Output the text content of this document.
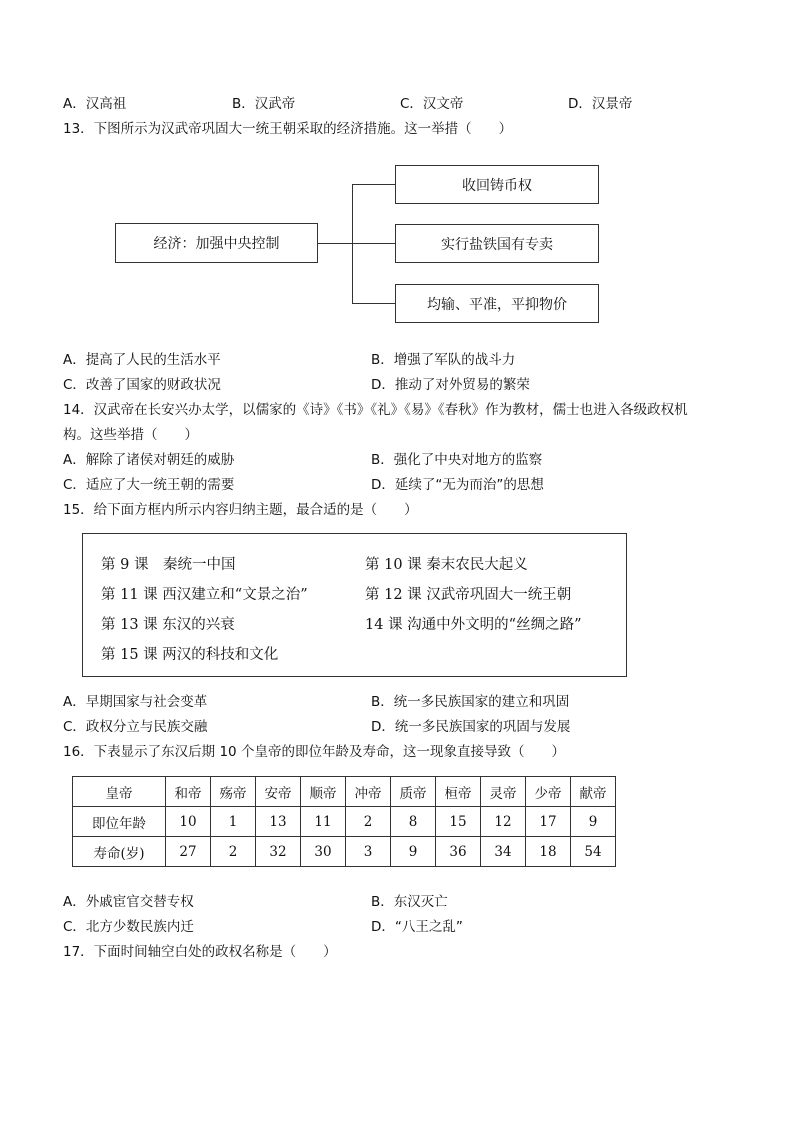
A．汉高祖	B．汉武帝	C．汉文帝	D．汉景帝
13．下图所示为汉武帝巩固大一统王朝采取的经济措施。这一举措（　　）
经济：加强中央控制
收回铸币权
实行盐铁国有专卖
均输、平准，平抑物价
A．提高了人民的生活水平	B．增强了军队的战斗力
C．改善了国家的财政状况	D．推动了对外贸易的繁荣
14．汉武帝在长安兴办太学，以儒家的《诗》《书》《礼》《易》《春秋》作为教材，儒士也进入各级政权机
构。这些举措（　　）
A．解除了诸侯对朝廷的威胁	B．强化了中央对地方的监察
C．适应了大一统王朝的需要	D．延续了“无为而治”的思想
15．给下面方框内所示内容归纳主题，最合适的是（　　）
第 9 课　秦统一中国	第 10 课 秦末农民大起义
第 11 课 西汉建立和“文景之治”	第 12 课 汉武帝巩固大一统王朝
第 13 课 东汉的兴衰	14 课 沟通中外文明的“丝绸之路”
第 15 课 两汉的科技和文化
A．早期国家与社会变革	B．统一多民族国家的建立和巩固
C．政权分立与民族交融	D．统一多民族国家的巩固与发展
16．下表显示了东汉后期 10 个皇帝的即位年龄及寿命，这一现象直接导致（　　）
皇帝	和帝	殇帝	安帝	顺帝	冲帝	质帝	桓帝	灵帝	少帝	献帝
即位年龄	10	1	13	11	2	8	15	12	17	9
寿命(岁)	27	2	32	30	3	9	36	34	18	54
A．外戚宦官交替专权	B．东汉灭亡
C．北方少数民族内迁	D．“八王之乱”
17．下面时间轴空白处的政权名称是（　　）
